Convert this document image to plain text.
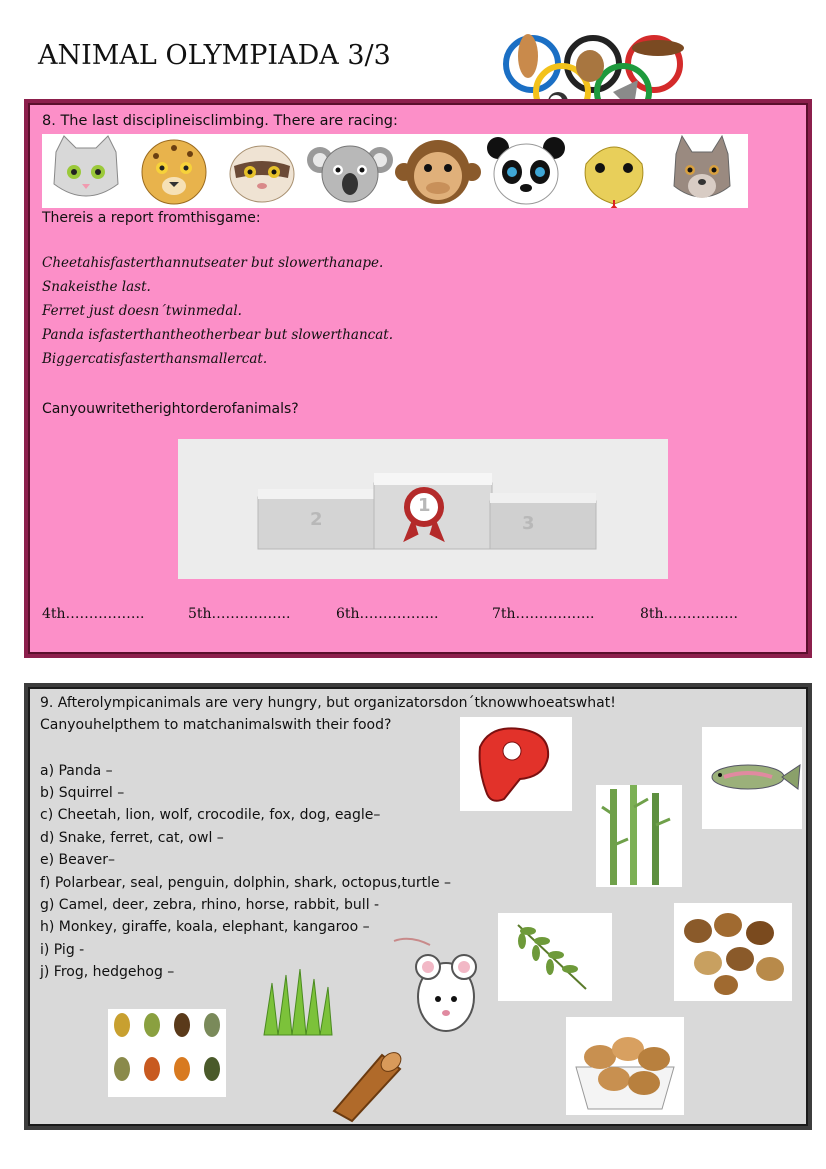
ANIMAL OLYMPIADA 3/3
8. The last disciplineisclimbing. There are racing:
Thereis a report fromthisgame:
Cheetahisfasterthannutseater but slowerthanape.
Snakeisthe last.
Ferret just doesn´twinmedal.
Panda isfasterthantheotherbear but slowerthancat.
Biggercatisfasterthansmallercat.
Canyouwritetherightorderofanimals?
1
2	3
4th……………..	5th……………..	6th……………..	7th……………..	8th…………….
9. Afterolympicanimals are very hungry, but organizatorsdon´tknowwhoeatswhat!
Canyouhelpthem to matchanimalswith their food?
a) Panda –
b) Squirrel –
c) Cheetah, lion, wolf, crocodile, fox, dog, eagle–
d) Snake, ferret, cat, owl –
e) Beaver–
f) Polarbear, seal, penguin, dolphin, shark, octopus,turtle –
g) Camel, deer, zebra, rhino, horse, rabbit, bull -
h) Monkey, giraffe, koala, elephant, kangaroo –
i) Pig -
j) Frog, hedgehog –
